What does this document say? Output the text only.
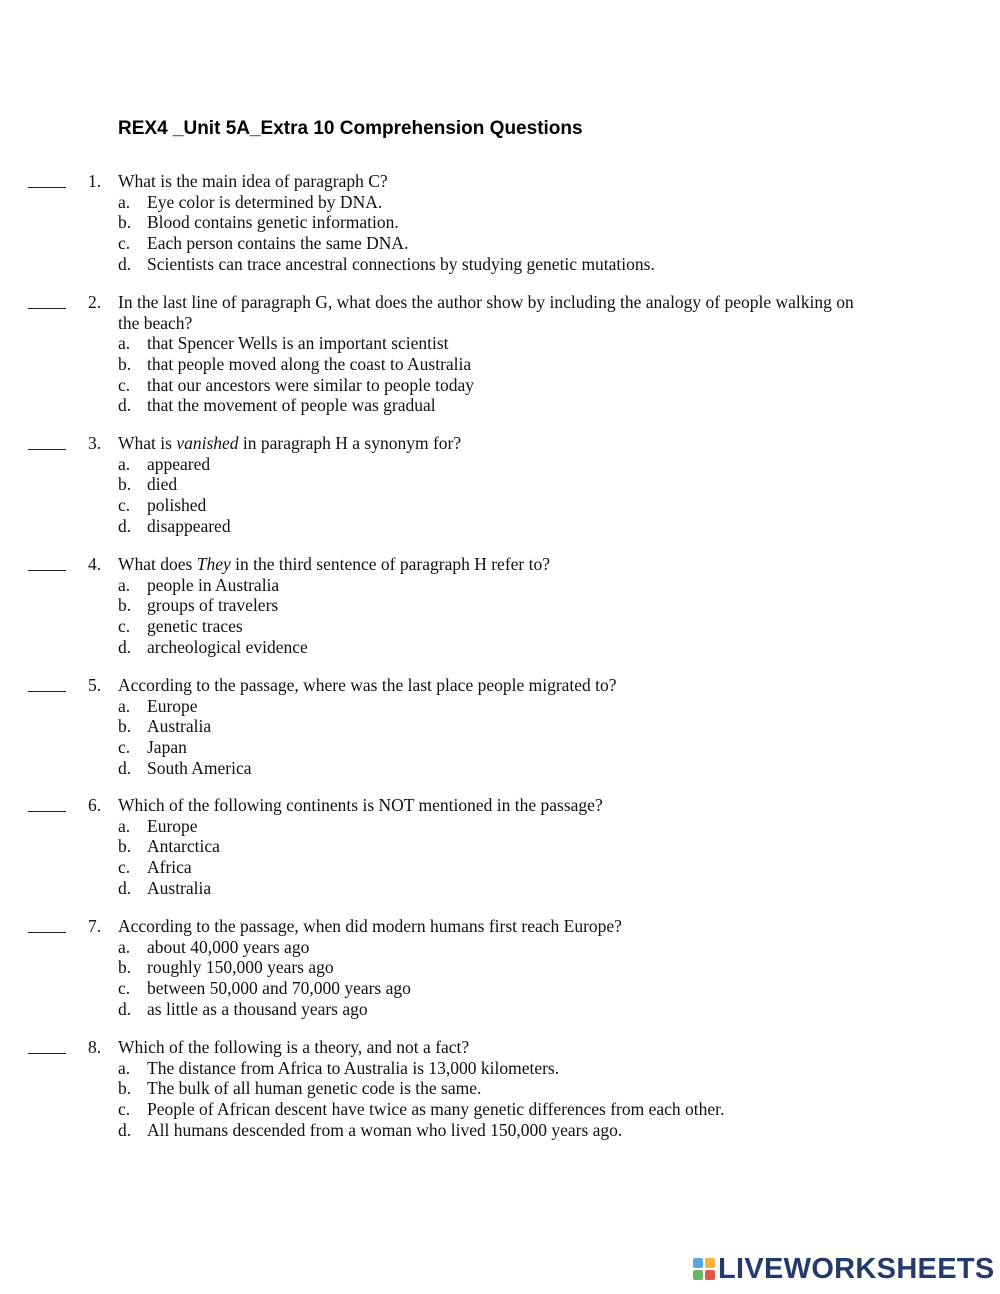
REX4 _Unit 5A_Extra 10 Comprehension Questions
1. What is the main idea of paragraph C?
a. Eye color is determined by DNA.
b. Blood contains genetic information.
c. Each person contains the same DNA.
d. Scientists can trace ancestral connections by studying genetic mutations.
2. In the last line of paragraph G, what does the author show by including the analogy of people walking on
the beach?
a. that Spencer Wells is an important scientist
b. that people moved along the coast to Australia
c. that our ancestors were similar to people today
d. that the movement of people was gradual
3. What is vanished in paragraph H a synonym for?
a. appeared
b. died
c. polished
d. disappeared
4. What does They in the third sentence of paragraph H refer to?
a. people in Australia
b. groups of travelers
c. genetic traces
d. archeological evidence
5. According to the passage, where was the last place people migrated to?
a. Europe
b. Australia
c. Japan
d. South America
6. Which of the following continents is NOT mentioned in the passage?
a. Europe
b. Antarctica
c. Africa
d. Australia
7. According to the passage, when did modern humans first reach Europe?
a. about 40,000 years ago
b. roughly 150,000 years ago
c. between 50,000 and 70,000 years ago
d. as little as a thousand years ago
8. Which of the following is a theory, and not a fact?
a. The distance from Africa to Australia is 13,000 kilometers.
b. The bulk of all human genetic code is the same.
c. People of African descent have twice as many genetic differences from each other.
d. All humans descended from a woman who lived 150,000 years ago.
LIVEWORKSHEETS
